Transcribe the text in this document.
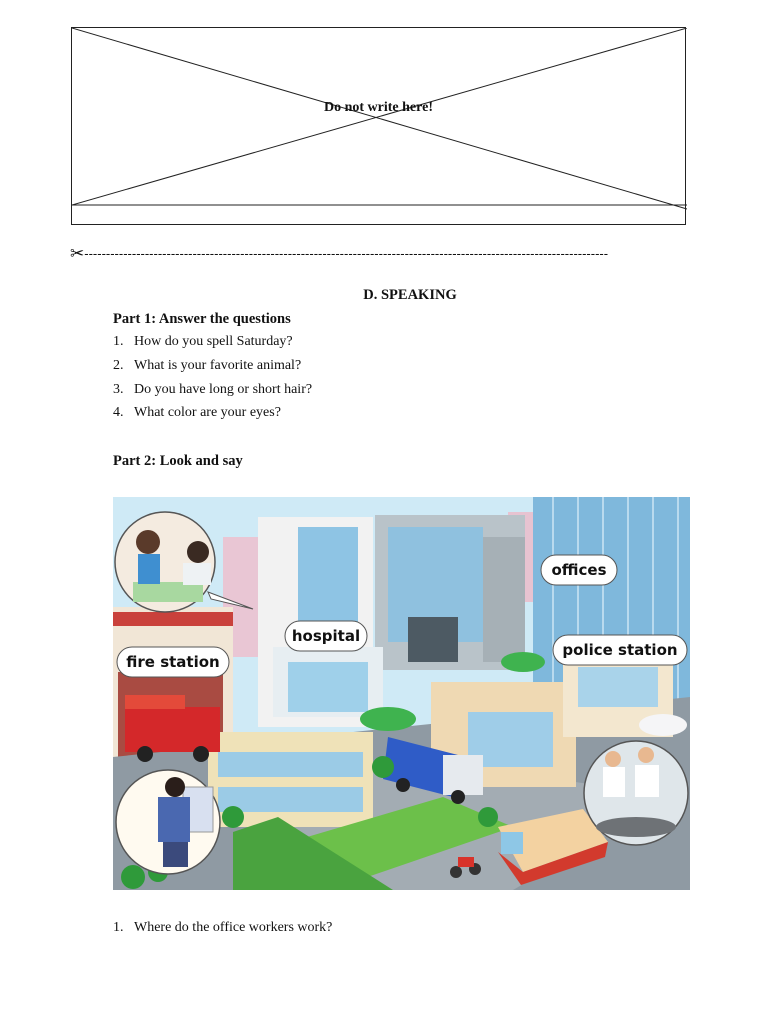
Do not write here!
✂-------------------------------------------------------------------------------------------------------------------------
D. SPEAKING
Part 1: Answer the questions
1. How do you spell Saturday?
2. What is your favorite animal?
3. Do you have long or short hair?
4. What color are your eyes?
Part 2: Look and say
offices
hospital
fire station
police station
1. Where do the office workers work?
